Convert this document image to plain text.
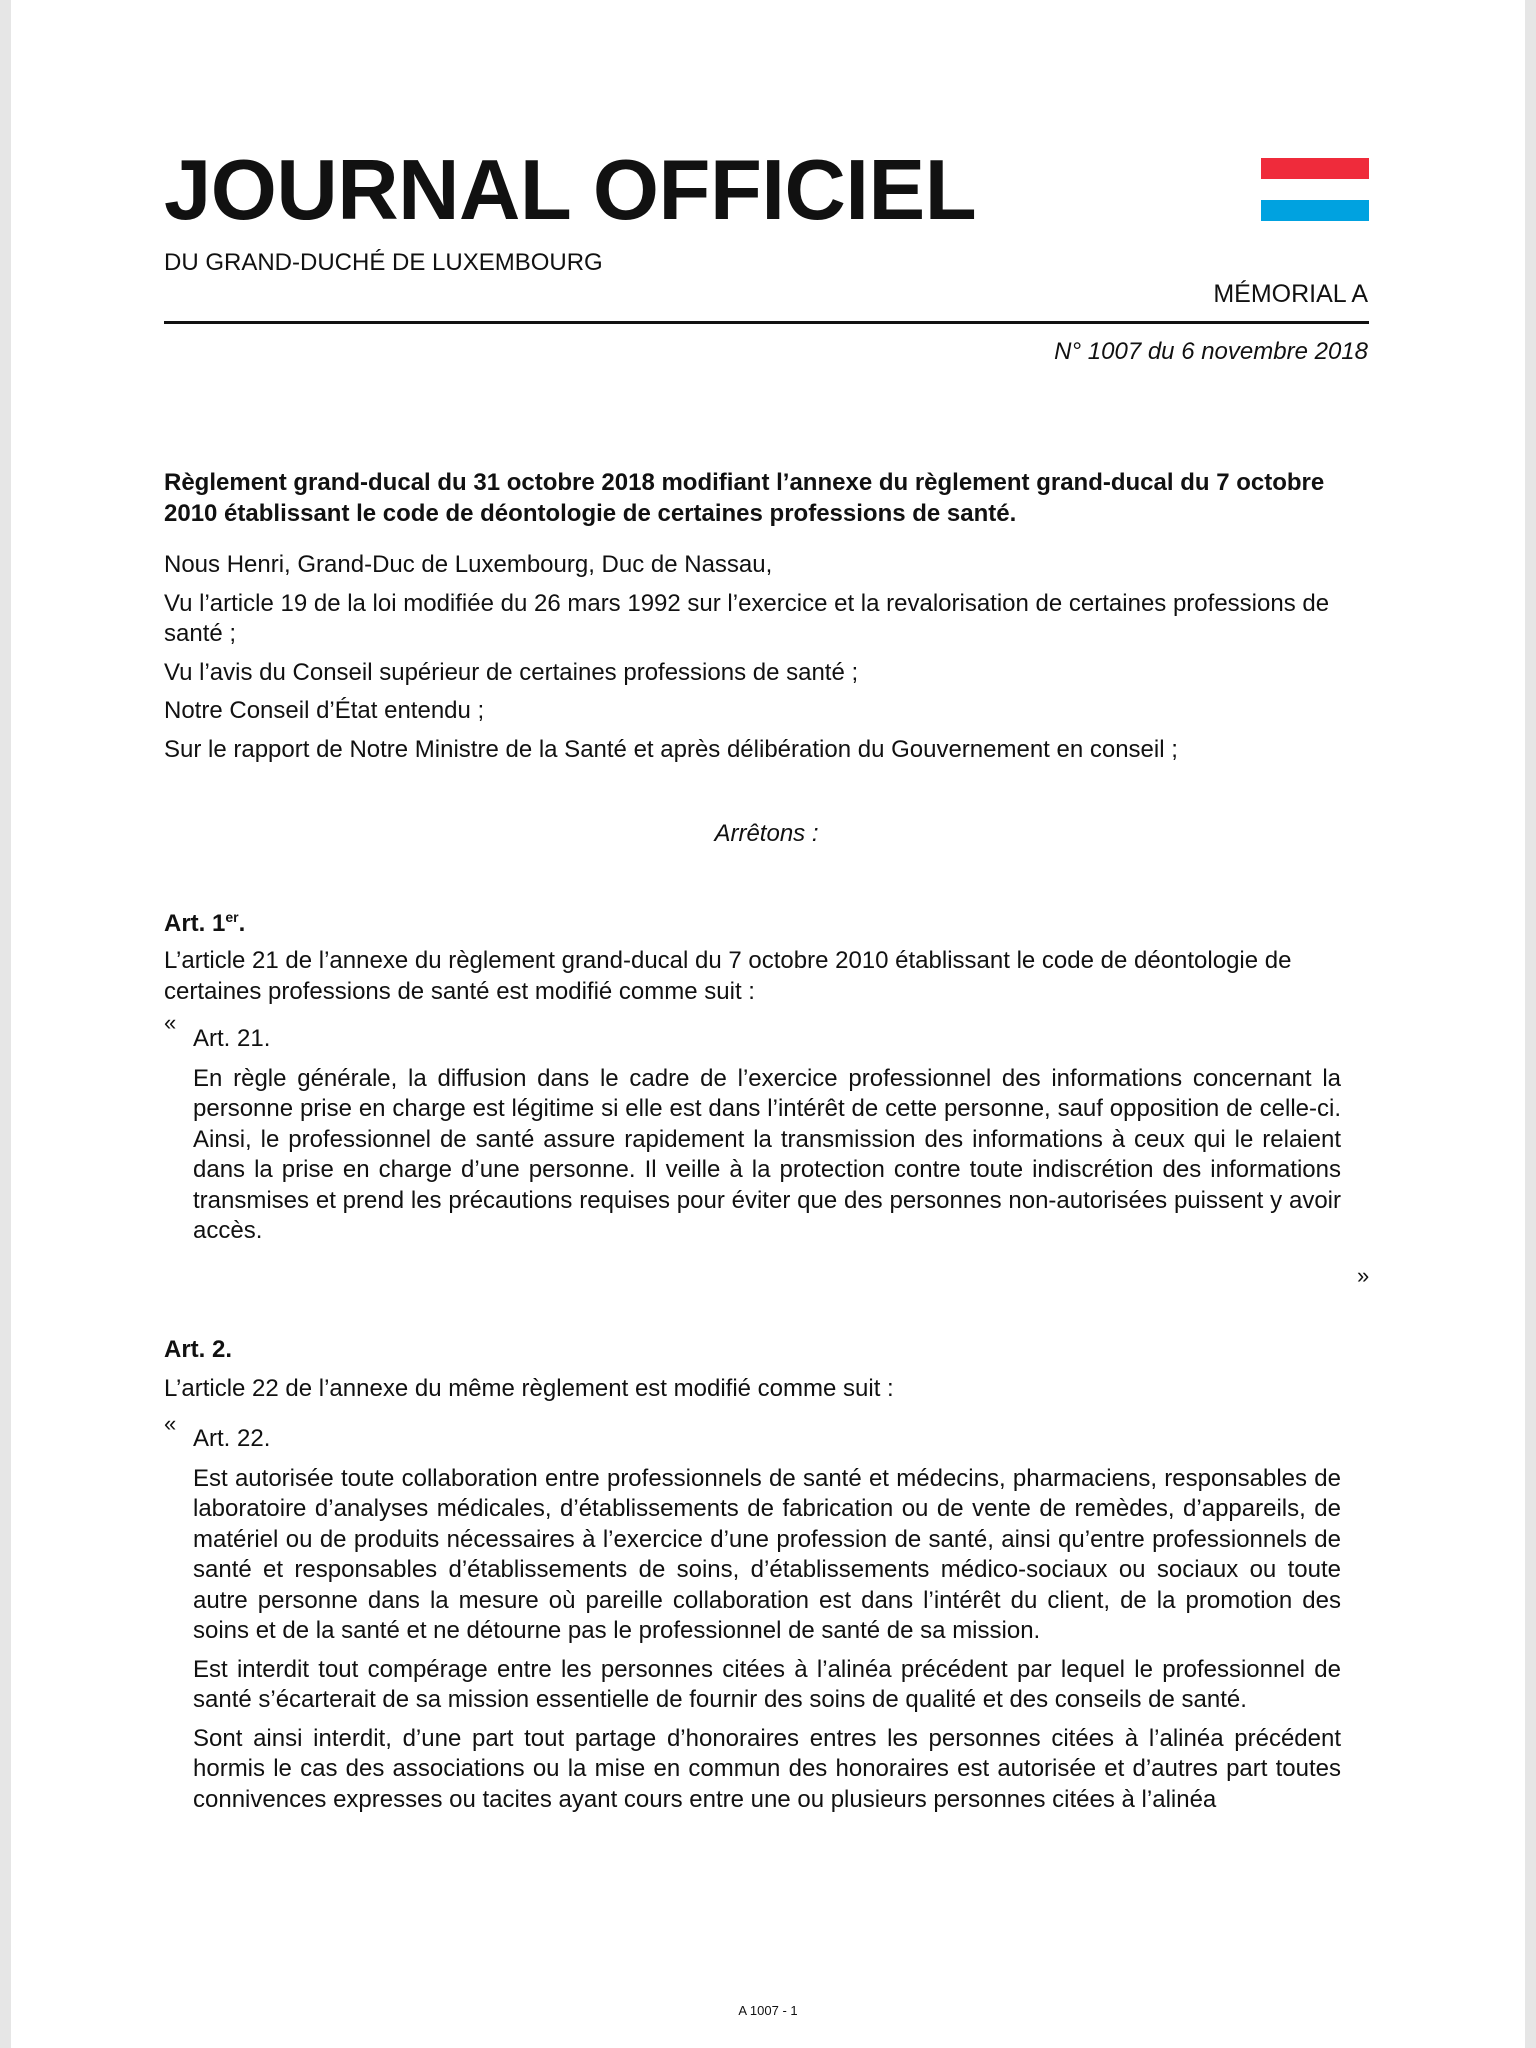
JOURNAL OFFICIEL
DU GRAND-DUCHÉ DE LUXEMBOURG
MÉMORIAL A
N° 1007 du 6 novembre 2018
Règlement grand-ducal du 31 octobre 2018 modifiant l’annexe du règlement grand-ducal du 7 octobre 2010 établissant le code de déontologie de certaines professions de santé.

Nous Henri, Grand-Duc de Luxembourg, Duc de Nassau,

Vu l’article 19 de la loi modifiée du 26 mars 1992 sur l’exercice et la revalorisation de certaines professions de santé ;

Vu l’avis du Conseil supérieur de certaines professions de santé ;

Notre Conseil d’État entendu ;

Sur le rapport de Notre Ministre de la Santé et après délibération du Gouvernement en conseil ;

Arrêtons :
Art. 1er.
L’article 21 de l’annexe du règlement grand-ducal du 7 octobre 2010 établissant le code de déontologie de certaines professions de santé est modifié comme suit :
«
Art. 21.

En règle générale, la diffusion dans le cadre de l’exercice professionnel des informations concernant la personne prise en charge est légitime si elle est dans l’intérêt de cette personne, sauf opposition de celle-ci. Ainsi, le professionnel de santé assure rapidement la transmission des informations à ceux qui le relaient dans la prise en charge d’une personne. Il veille à la protection contre toute indiscrétion des informations transmises et prend les précautions requises pour éviter que des personnes non-autorisées puissent y avoir accès.

»
Art. 2.
L’article 22 de l’annexe du même règlement est modifié comme suit :
«
Art. 22.

Est autorisée toute collaboration entre professionnels de santé et médecins, pharmaciens, responsables de laboratoire d’analyses médicales, d’établissements de fabrication ou de vente de remèdes, d’appareils, de matériel ou de produits nécessaires à l’exercice d’une profession de santé, ainsi qu’entre professionnels de santé et responsables d’établissements de soins, d’établissements médico-sociaux ou sociaux ou toute autre personne dans la mesure où pareille collaboration est dans l’intérêt du client, de la promotion des soins et de la santé et ne détourne pas le professionnel de santé de sa mission.

Est interdit tout compérage entre les personnes citées à l’alinéa précédent par lequel le professionnel de santé s’écarterait de sa mission essentielle de fournir des soins de qualité et des conseils de santé.

Sont ainsi interdit, d’une part tout partage d’honoraires entres les personnes citées à l’alinéa précédent hormis le cas des associations ou la mise en commun des honoraires est autorisée et d’autres part toutes connivences expresses ou tacites ayant cours entre une ou plusieurs personnes citées à l’alinéa

A 1007 - 1
